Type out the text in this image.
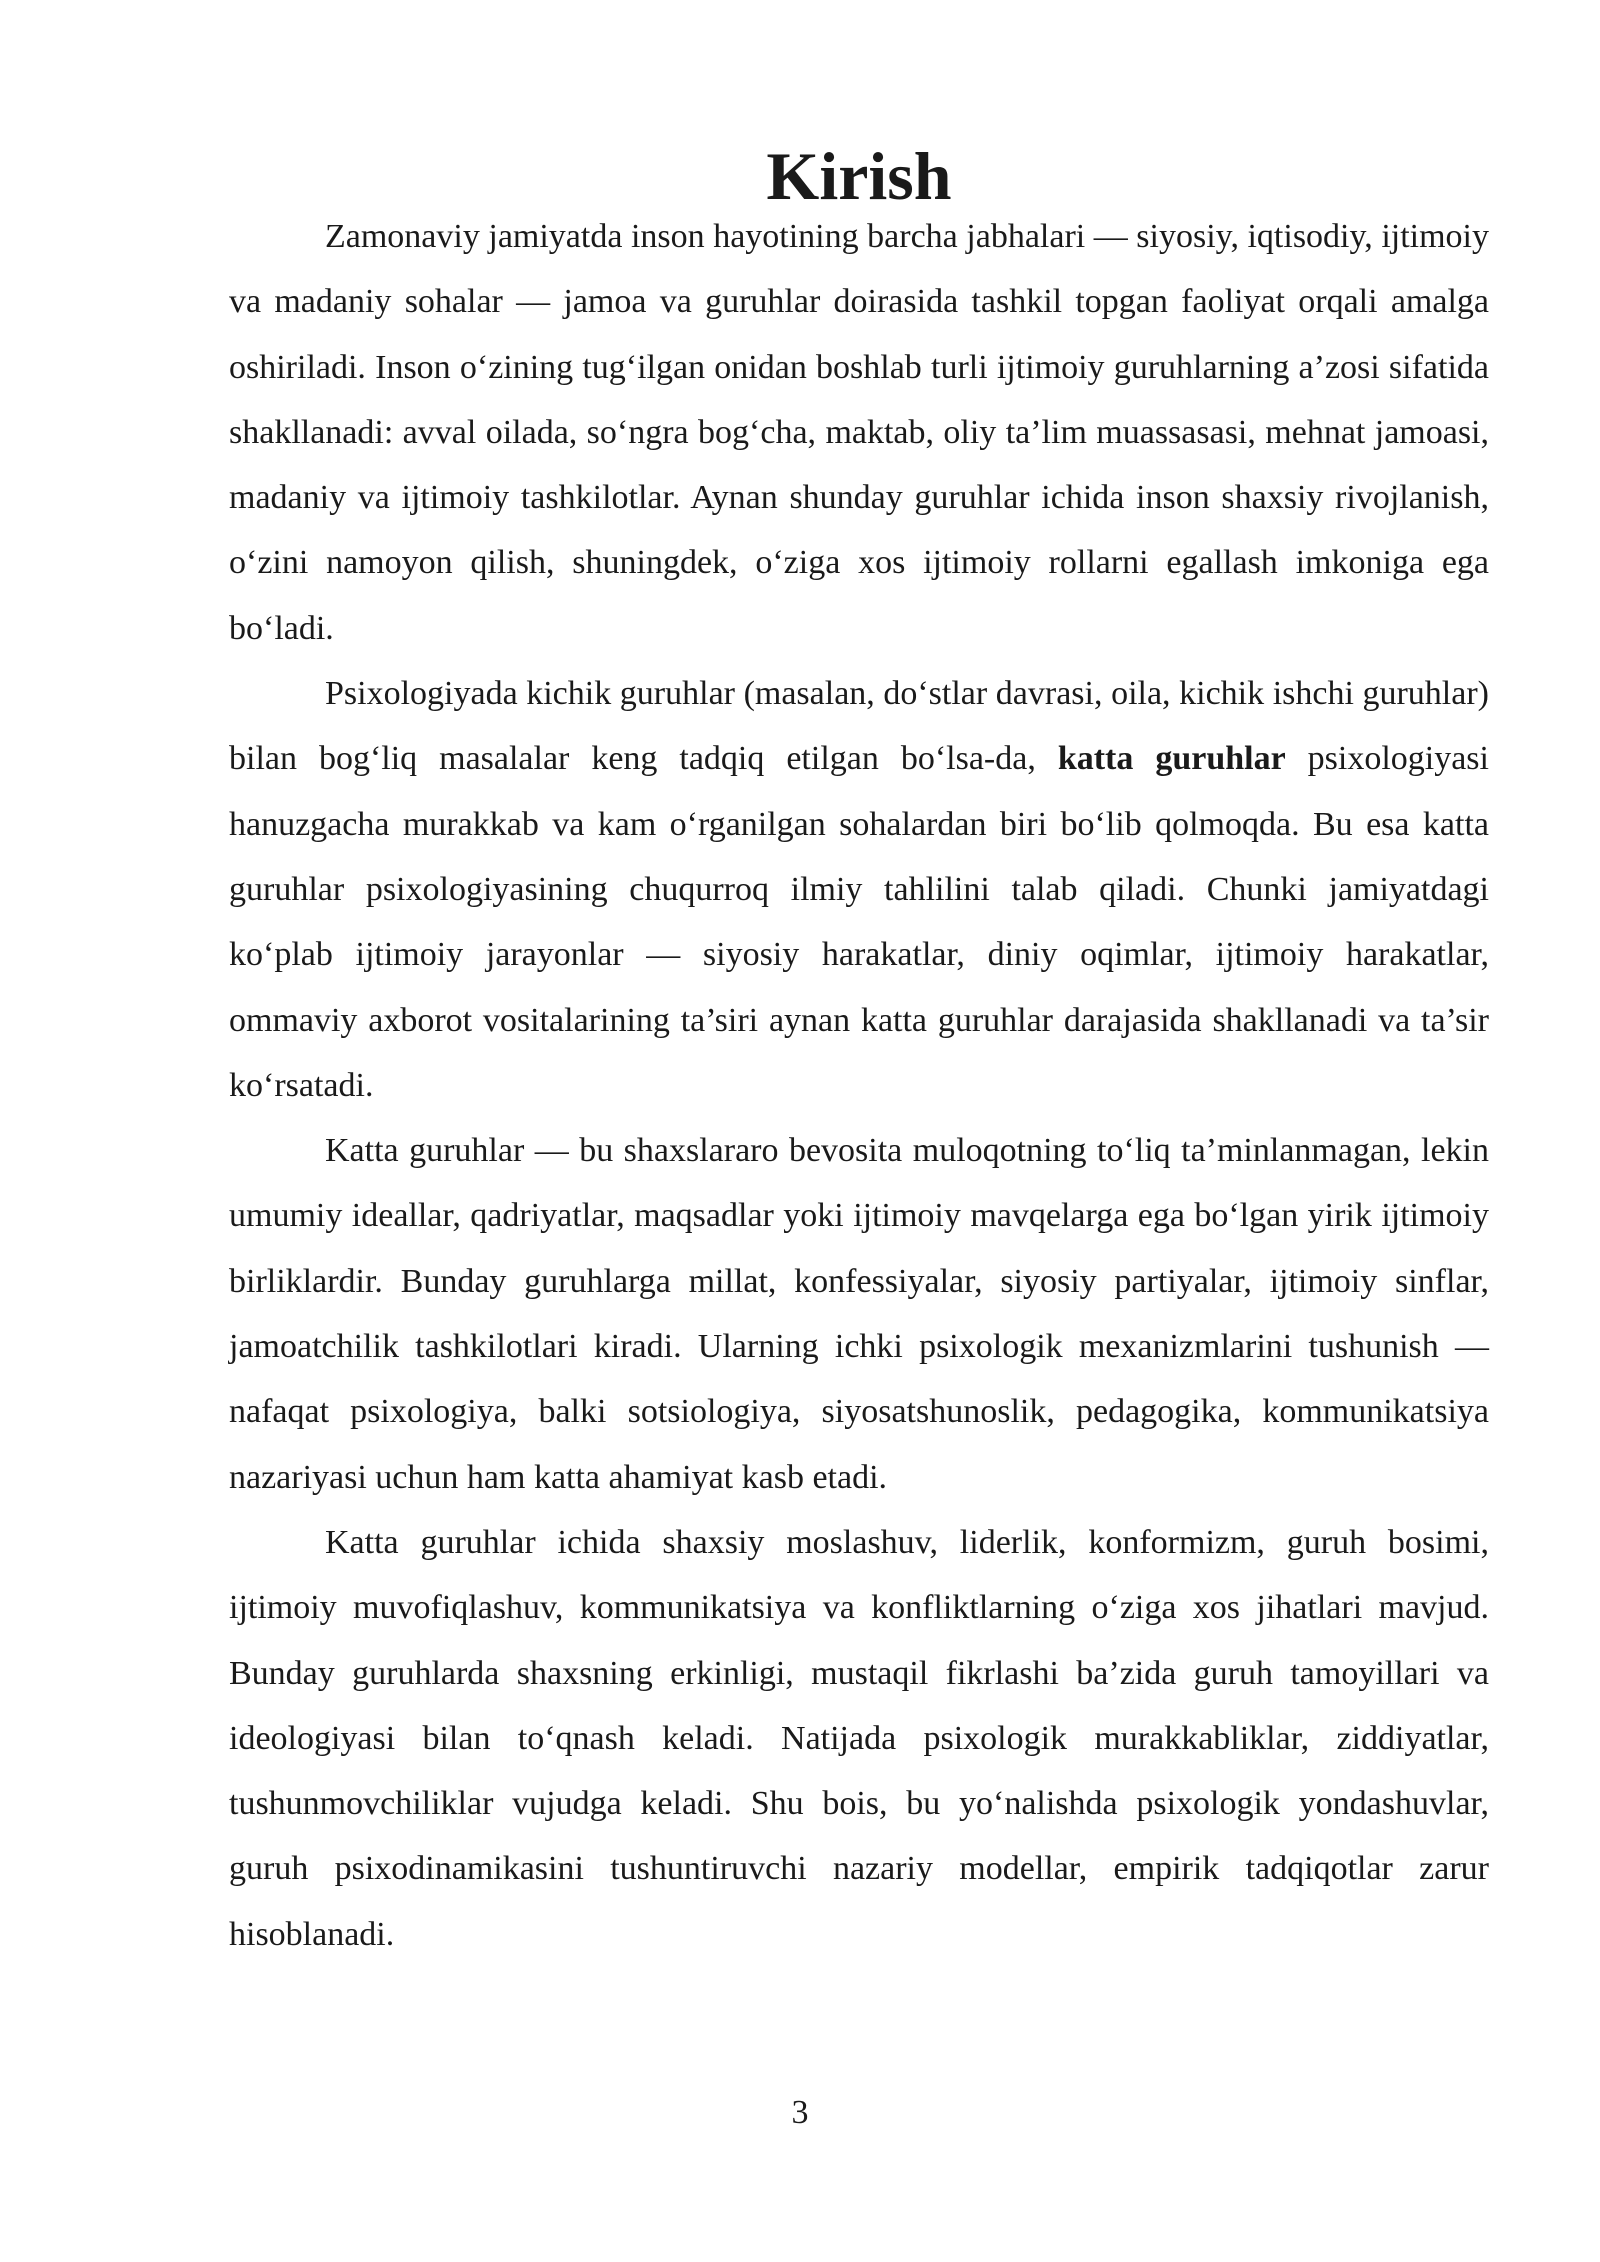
Kirish

Zamonaviy jamiyatda inson hayotining barcha jabhalari — siyosiy, iqtisodiy, ijtimoiy va madaniy sohalar — jamoa va guruhlar doirasida tashkil topgan faoliyat orqali amalga oshiriladi. Inson o‘zining tug‘ilgan onidan boshlab turli ijtimoiy guruhlarning a’zosi sifatida shakllanadi: avval oilada, so‘ngra bog‘cha, maktab, oliy ta’lim muassasasi, mehnat jamoasi, madaniy va ijtimoiy tashkilotlar. Aynan shunday guruhlar ichida inson shaxsiy rivojlanish, o‘zini namoyon qilish, shuningdek, o‘ziga xos ijtimoiy rollarni egallash imkoniga ega bo‘ladi.

Psixologiyada kichik guruhlar (masalan, do‘stlar davrasi, oila, kichik ishchi guruhlar) bilan bog‘liq masalalar keng tadqiq etilgan bo‘lsa-da, katta guruhlar psixologiyasi hanuzgacha murakkab va kam o‘rganilgan sohalardan biri bo‘lib qolmoqda. Bu esa katta guruhlar psixologiyasining chuqurroq ilmiy tahlilini talab qiladi. Chunki jamiyatdagi ko‘plab ijtimoiy jarayonlar — siyosiy harakatlar, diniy oqimlar, ijtimoiy harakatlar, ommaviy axborot vositalarining ta’siri aynan katta guruhlar darajasida shakllanadi va ta’sir ko‘rsatadi.

Katta guruhlar — bu shaxslararo bevosita muloqotning to‘liq ta’minlanmagan, lekin umumiy ideallar, qadriyatlar, maqsadlar yoki ijtimoiy mavqelarga ega bo‘lgan yirik ijtimoiy birliklardir. Bunday guruhlarga millat, konfessiyalar, siyosiy partiyalar, ijtimoiy sinflar, jamoatchilik tashkilotlari kiradi. Ularning ichki psixologik mexanizmlarini tushunish — nafaqat psixologiya, balki sotsiologiya, siyosatshunoslik, pedagogika, kommunikatsiya nazariyasi uchun ham katta ahamiyat kasb etadi.

Katta guruhlar ichida shaxsiy moslashuv, liderlik, konformizm, guruh bosimi, ijtimoiy muvofiqlashuv, kommunikatsiya va konfliktlarning o‘ziga xos jihatlari mavjud. Bunday guruhlarda shaxsning erkinligi, mustaqil fikrlashi ba’zida guruh tamoyillari va ideologiyasi bilan to‘qnash keladi. Natijada psixologik murakkabliklar, ziddiyatlar, tushunmovchiliklar vujudga keladi. Shu bois, bu yo‘nalishda psixologik yondashuvlar, guruh psixodinamikasini tushuntiruvchi nazariy modellar, empirik tadqiqotlar zarur hisoblanadi.

3
